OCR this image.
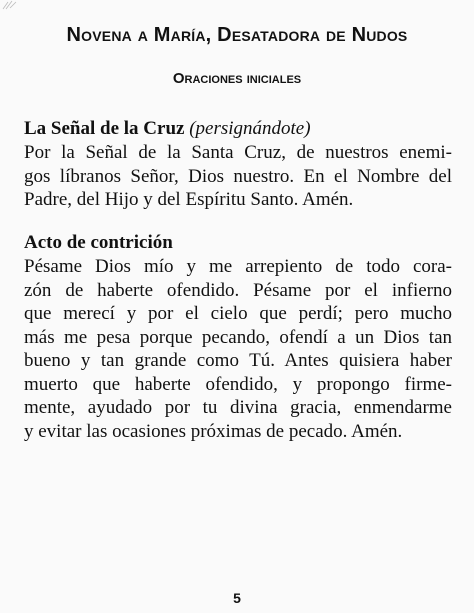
Novena a María, Desatadora de Nudos
Oraciones iniciales

La Señal de la Cruz (persignándote)

Por la Señal de la Santa Cruz, de nuestros enemi-
gos líbranos Señor, Dios nuestro. En el Nombre del
Padre, del Hijo y del Espíritu Santo. Amén.

Acto de contrición

Pésame Dios mío y me arrepiento de todo cora-
zón de haberte ofendido. Pésame por el infierno
que merecí y por el cielo que perdí; pero mucho
más me pesa porque pecando, ofendí a un Dios tan
bueno y tan grande como Tú. Antes quisiera haber
muerto que haberte ofendido, y propongo firme-
mente, ayudado por tu divina gracia, enmendarme
y evitar las ocasiones próximas de pecado. Amén.

5
